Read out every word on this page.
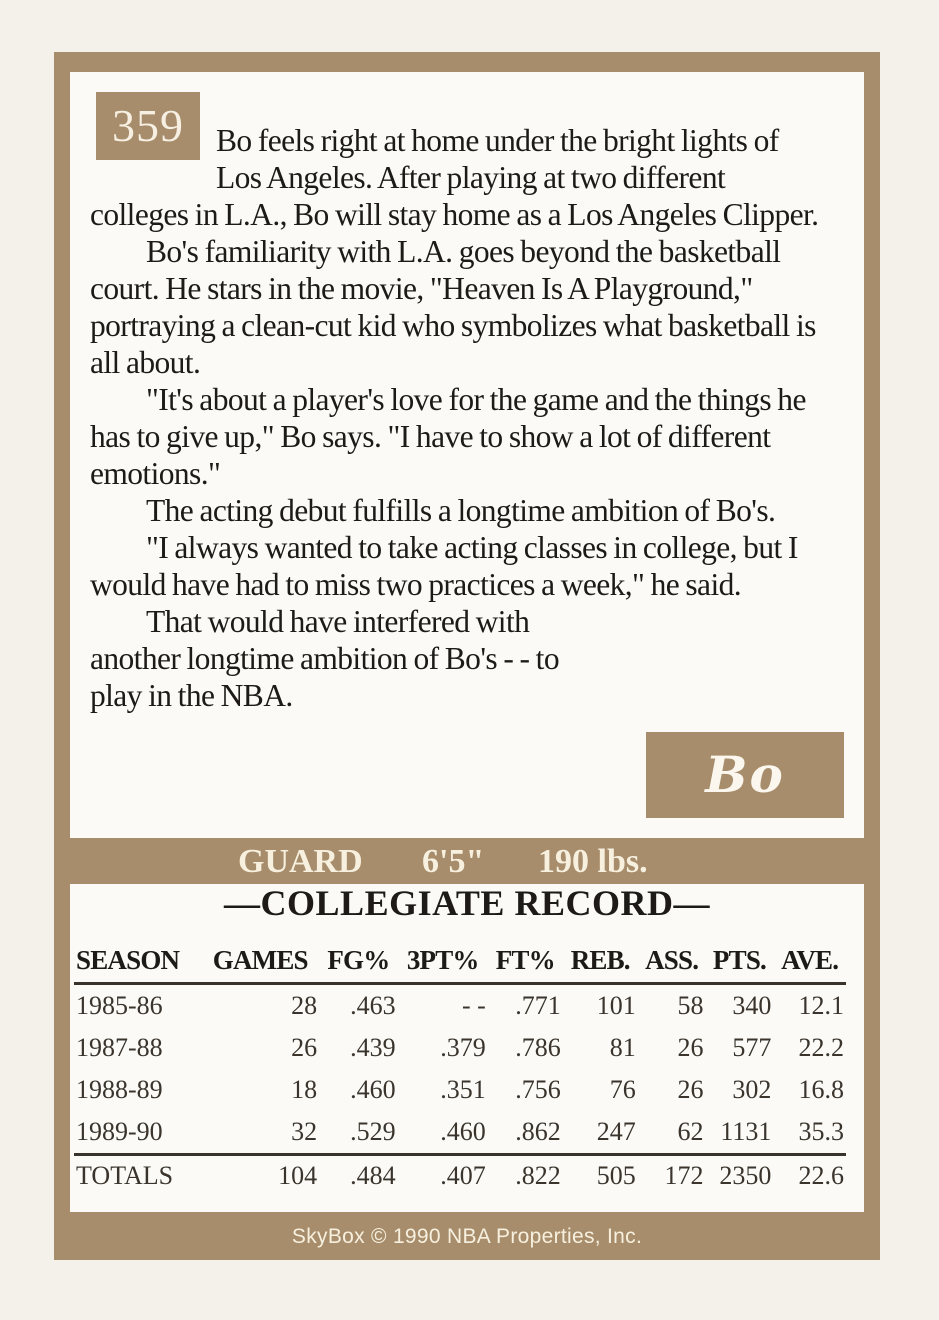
Bo feels right at home under the bright lights of Los Angeles. After playing at two different colleges in L.A., Bo will stay home as a Los Angeles Clipper.

Bo's familiarity with L.A. goes beyond the basketball court. He stars in the movie, "Heaven Is A Playground," portraying a clean-cut kid who symbolizes what basketball is all about.

"It's about a player's love for the game and the things he has to give up," Bo says. "I have to show a lot of different emotions."

The acting debut fulfills a longtime ambition of Bo's.

"I always wanted to take acting classes in college, but I would have had to miss two practices a week," he said.

That would have interfered with another longtime ambition of Bo's - - to play in the NBA.

359
Bo
GUARD 6'5" 190 lbs.
—COLLEGIATE RECORD—
SEASON	GAMES	FG%	3PT%	FT%	REB.	ASS.	PTS.	AVE.
1985-86	28	.463	- -	.771	101	58	340	12.1
1987-88	26	.439	.379	.786	81	26	577	22.2
1988-89	18	.460	.351	.756	76	26	302	16.8
1989-90	32	.529	.460	.862	247	62	1131	35.3
TOTALS	104	.484	.407	.822	505	172	2350	22.6
SkyBox © 1990 NBA Properties, Inc.
